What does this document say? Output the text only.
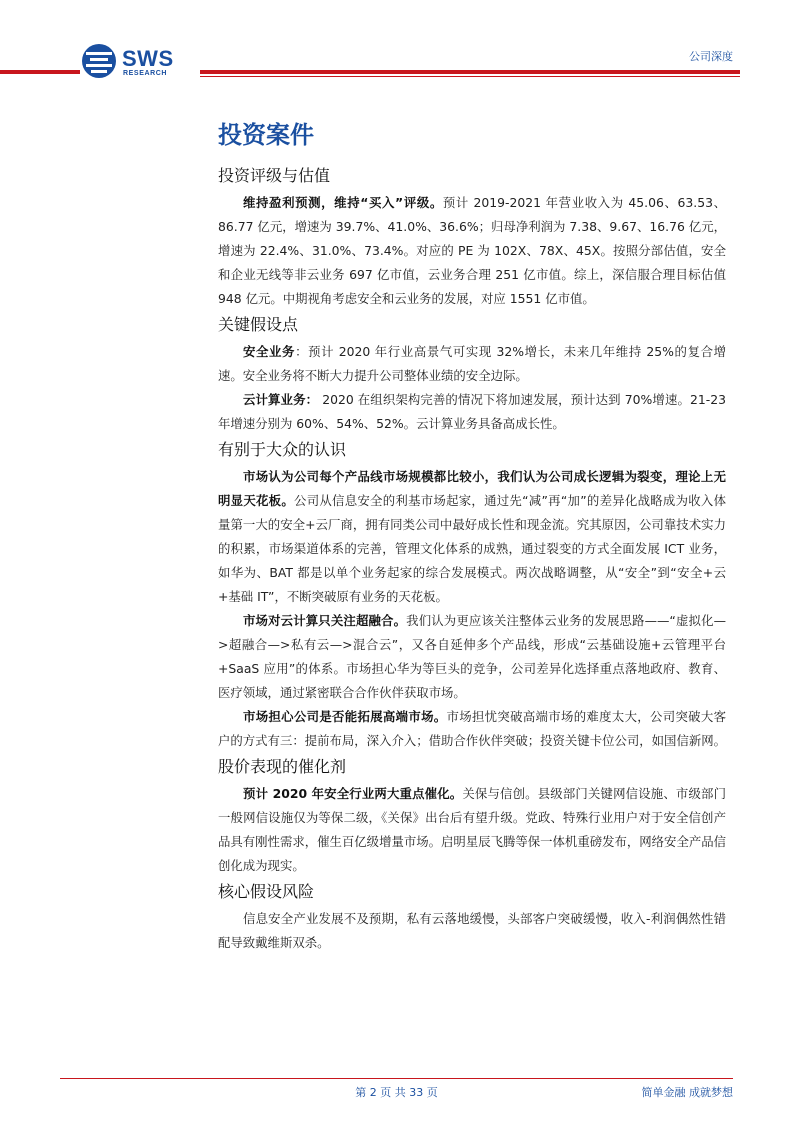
SWS
RESEARCH
公司深度
投资案件
投资评级与估值

维持盈利预测，维持“买入”评级。预计 2019-2021 年营业收入为 45.06、63.53、86.77 亿元，增速为 39.7%、41.0%、36.6%；归母净利润为 7.38、9.67、16.76 亿元，增速为 22.4%、31.0%、73.4%。对应的 PE 为 102X、78X、45X。按照分部估值，安全和企业无线等非云业务 697 亿市值，云业务合理 251 亿市值。综上，深信服合理目标估值 948 亿元。中期视角考虑安全和云业务的发展，对应 1551 亿市值。

关键假设点

安全业务：预计 2020 年行业高景气可实现 32%增长，未来几年维持 25%的复合增速。安全业务将不断大力提升公司整体业绩的安全边际。

云计算业务： 2020 在组织架构完善的情况下将加速发展，预计达到 70%增速。21-23 年增速分别为 60%、54%、52%。云计算业务具备高成长性。

有别于大众的认识

市场认为公司每个产品线市场规模都比较小，我们认为公司成长逻辑为裂变，理论上无明显天花板。公司从信息安全的利基市场起家，通过先“减”再“加”的差异化战略成为收入体量第一大的安全+云厂商，拥有同类公司中最好成长性和现金流。究其原因，公司靠技术实力的积累，市场渠道体系的完善，管理文化体系的成熟，通过裂变的方式全面发展 ICT 业务，如华为、BAT 都是以单个业务起家的综合发展模式。两次战略调整，从“安全”到“安全+云+基础 IT”，不断突破原有业务的天花板。

市场对云计算只关注超融合。我们认为更应该关注整体云业务的发展思路——“虚拟化—>超融合—>私有云—>混合云”，又各自延伸多个产品线，形成“云基础设施+云管理平台+SaaS 应用”的体系。市场担心华为等巨头的竞争，公司差异化选择重点落地政府、教育、医疗领域，通过紧密联合合作伙伴获取市场。

市场担心公司是否能拓展高端市场。市场担忧突破高端市场的难度太大，公司突破大客户的方式有三：提前布局，深入介入；借助合作伙伴突破；投资关键卡位公司，如国信新网。

股价表现的催化剂

预计 2020 年安全行业两大重点催化。关保与信创。县级部门关键网信设施、市级部门一般网信设施仅为等保二级，《关保》出台后有望升级。党政、特殊行业用户对于安全信创产品具有刚性需求，催生百亿级增量市场。启明星辰飞腾等保一体机重磅发布，网络安全产品信创化成为现实。

核心假设风险

信息安全产业发展不及预期，私有云落地缓慢，头部客户突破缓慢，收入-利润偶然性错配导致戴维斯双杀。

第 2 页 共 33 页	简单金融 成就梦想
